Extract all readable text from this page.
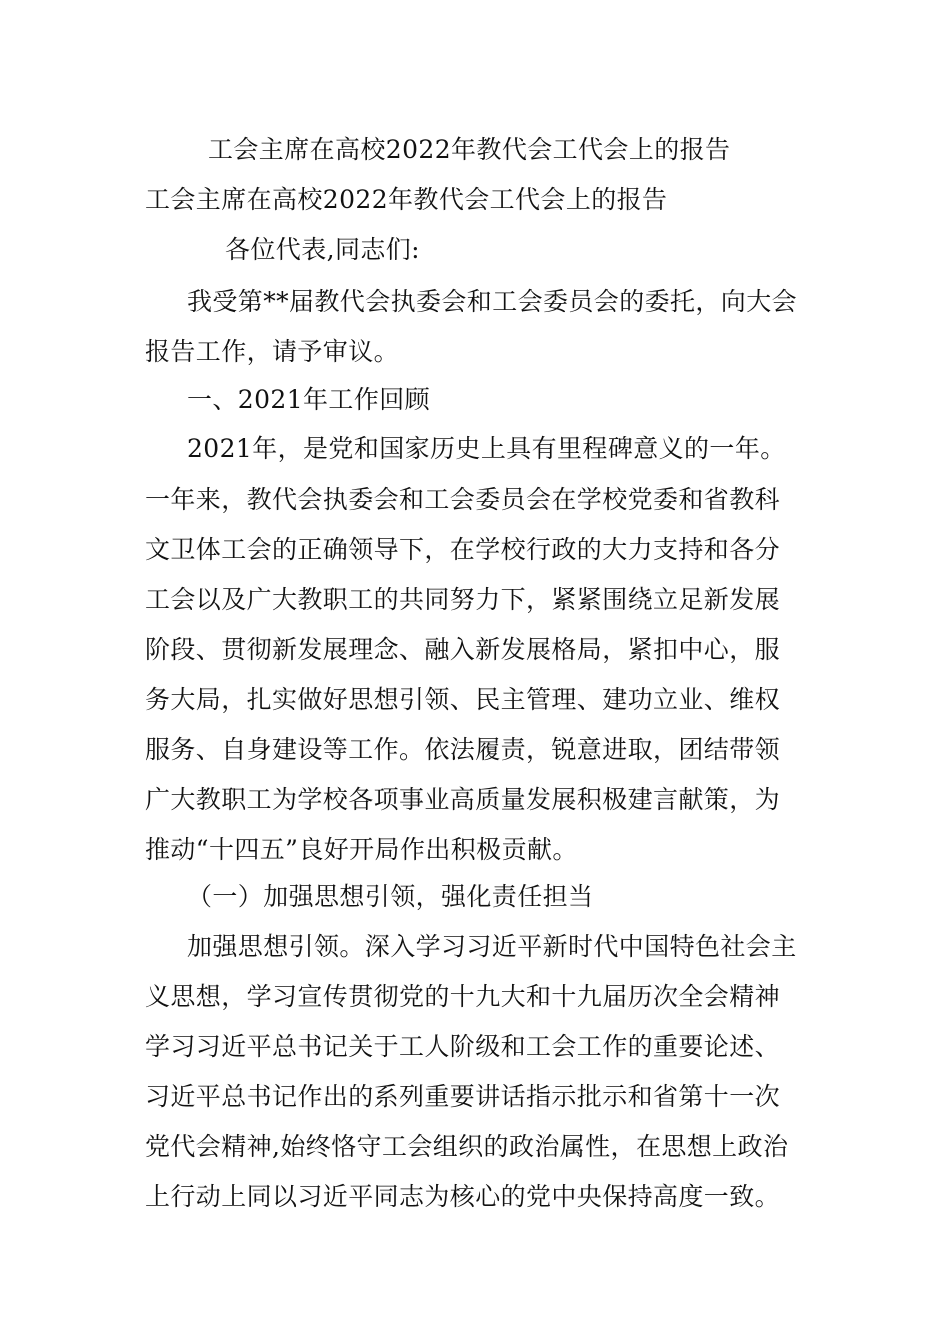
工会主席在高校2022年教代会工代会上的报告
工会主席在高校2022年教代会工代会上的报告
各位代表,同志们:
我受第**届教代会执委会和工会委员会的委托，向大会
报告工作，请予审议。
一、2021年工作回顾
2021年，是党和国家历史上具有里程碑意义的一年。
一年来，教代会执委会和工会委员会在学校党委和省教科
文卫体工会的正确领导下，在学校行政的大力支持和各分
工会以及广大教职工的共同努力下，紧紧围绕立足新发展
阶段、贯彻新发展理念、融入新发展格局，紧扣中心，服
务大局，扎实做好思想引领、民主管理、建功立业、维权
服务、自身建设等工作。依法履责，锐意进取，团结带领
广大教职工为学校各项事业高质量发展积极建言献策，为
推动“十四五”良好开局作出积极贡献。
（一）加强思想引领，强化责任担当
加强思想引领。深入学习习近平新时代中国特色社会主
义思想，学习宣传贯彻党的十九大和十九届历次全会精神
学习习近平总书记关于工人阶级和工会工作的重要论述、
习近平总书记作出的系列重要讲话指示批示和省第十一次
党代会精神,始终恪守工会组织的政治属性，在思想上政治
上行动上同以习近平同志为核心的党中央保持高度一致。
